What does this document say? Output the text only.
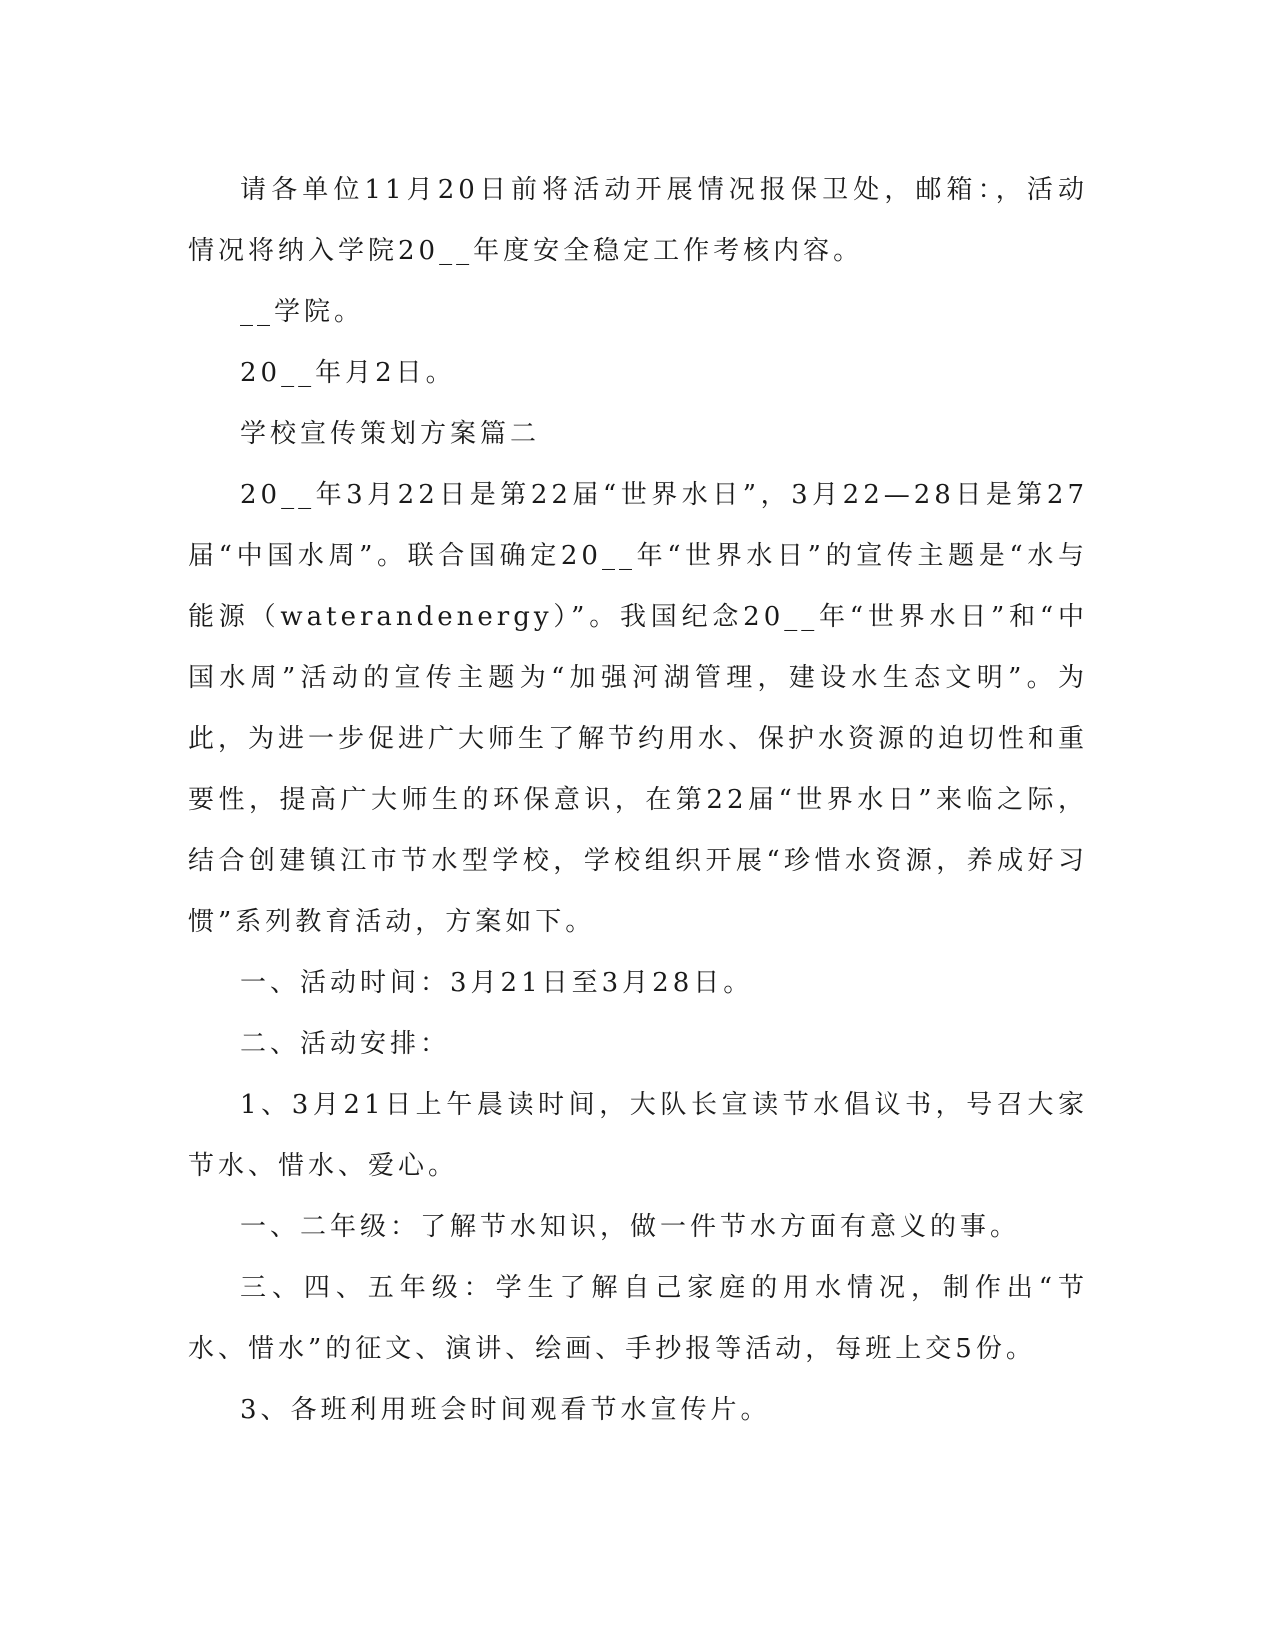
请各单位11月20日前将活动开展情况报保卫处，邮箱：，活动情况将纳入学院20__年度安全稳定工作考核内容。

__学院。

20__年月2日。

学校宣传策划方案篇二

20__年3月22日是第22届“世界水日”，3月22—28日是第27届“中国水周”。联合国确定20__年“世界水日”的宣传主题是“水与能源（waterandenergy）”。我国纪念20__年“世界水日”和“中国水周”活动的宣传主题为“加强河湖管理，建设水生态文明”。为此，为进一步促进广大师生了解节约用水、保护水资源的迫切性和重要性，提高广大师生的环保意识，在第22届“世界水日”来临之际，结合创建镇江市节水型学校，学校组织开展“珍惜水资源，养成好习惯”系列教育活动，方案如下。

一、活动时间：3月21日至3月28日。

二、活动安排：

1、3月21日上午晨读时间，大队长宣读节水倡议书，号召大家节水、惜水、爱心。

一、二年级：了解节水知识，做一件节水方面有意义的事。

三、四、五年级：学生了解自己家庭的用水情况，制作出“节水、惜水”的征文、演讲、绘画、手抄报等活动，每班上交5份。

3、各班利用班会时间观看节水宣传片。
